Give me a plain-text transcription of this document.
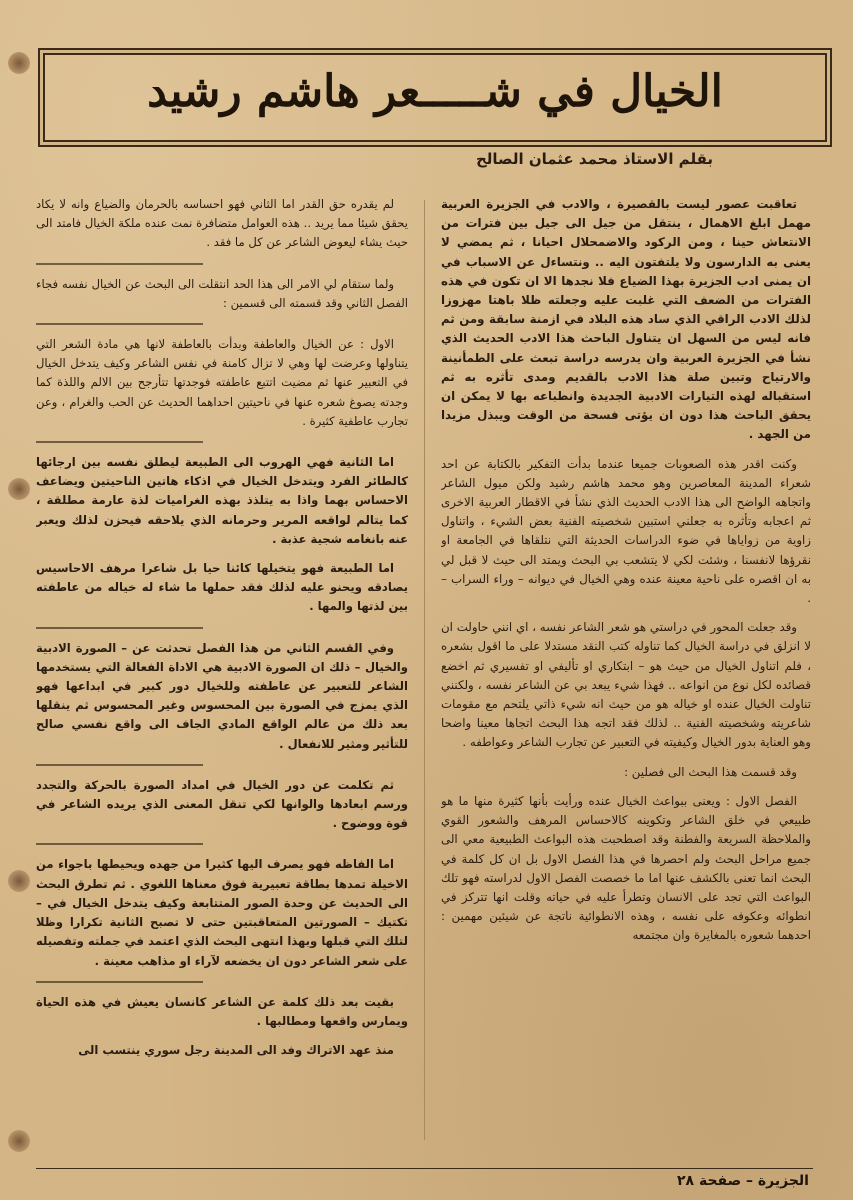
الخيال في شـــــعر هاشم رشيد
بقلم الاستاذ محمد عثمان الصالح

تعاقبت عصور ليست بالقصيرة ، والادب في الجزيرة العربية مهمل ابلغ الاهمال ، ينتقل من جيل الى جيل بين فترات من الانتعاش حينا ، ومن الركود والاضمحلال احيانا ، ثم يمضي لا يعنى به الدارسون ولا يلتفتون اليه .. ونتساءل عن الاسباب في ان يمنى ادب الجزيرة بهذا الضياع فلا نجدها الا ان تكون في هذه الفترات من الضعف التي غلبت عليه وجعلته ظلا باهتا مهزوزا لذلك الادب الراقي الذي ساد هذه البلاد في ازمنة سابقة ومن ثم فانه ليس من السهل ان يتناول الباحث هذا الادب الحديث الذي نشأ في الجزيرة العربية وان يدرسه دراسة تبعث على الطمأنينة والارتياح وتبين صلة هذا الادب بالقديم ومدى تأثره به ثم استقباله لهذه التيارات الادبية الجديدة وانطباعه بها لا يمكن ان يحقق الباحث هذا دون ان يؤتى فسحة من الوقت ويبذل مزيدا من الجهد .

وكنت اقدر هذه الصعوبات جميعا عندما بدأت التفكير بالكتابة عن احد شعراء المدينة المعاصرين وهو محمد هاشم رشيد ولكن ميول الشاعر واتجاهه الواضح الى هذا الادب الحديث الذي نشأ في الاقطار العربية الاخرى ثم اعجابه وتأثره به جعلني استبين شخصيته الفنية بعض الشيء ، واتناول زاوية من زواياها في ضوء الدراسات الحديثة التي نتلقاها في الجامعة او نقرؤها لانفسنا ، وشئت لكي لا يتشعب بي البحث ويمتد الى حيث لا قبل لي به ان اقصره على ناحية معينة عنده وهي الخيال في ديوانه – وراء السراب – .

وقد جعلت المحور في دراستي هو شعر الشاعر نفسه ، اي انني حاولت ان لا انزلق في دراسة الخيال كما تناوله كتب النقد مستدلا على ما اقول بشعره ، فلم اتناول الخيال من حيث هو – ابتكاري او تأليفي او تفسيري ثم اخضع قصائده لكل نوع من انواعه .. فهذا شيء يبعد بي عن الشاعر نفسه ، ولكنني تناولت الخيال عنده او خياله هو من حيث انه شيء ذاتي يلتحم مع مقومات شاعريته وشخصيته الفنية .. لذلك فقد اتجه هذا البحث اتجاها معينا واضحا وهو العناية بدور الخيال وكيفيته في التعبير عن تجارب الشاعر وعواطفه .

وقد قسمت هذا البحث الى فصلين :

الفصل الاول : ويعنى ببواعث الخيال عنده ورأيت بأنها كثيرة منها ما هو طبيعي في خلق الشاعر وتكوينه كالاحساس المرهف والشعور القوي والملاحظة السريعة والفطنة وقد اصطحبت هذه البواعث الطبيعية معي الى جميع مراحل البحث ولم احصرها في هذا الفصل الاول بل ان كل كلمة في البحث انما تعنى بالكشف عنها اما ما خصصت الفصل الاول لدراسته فهو تلك البواعث التي تجد على الانسان وتطرأ عليه في حياته وقلت انها تتركز في انطوائه وعكوفه على نفسه ، وهذه الانطوائية ناتجة عن شيئين مهمين : احدهما شعوره بالمغايرة وان مجتمعه

لم يقدره حق القدر اما الثاني فهو احساسه بالحرمان والضياع وانه لا يكاد يحقق شيئا مما يريد .. هذه العوامل متضافرة نمت عنده ملكة الخيال فامتد الى حيث يشاء ليعوض الشاعر عن كل ما فقد .

ولما ستقام لي الامر الى هذا الحد انتقلت الى البحث عن الخيال نفسه فجاء الفصل الثاني وقد قسمته الى قسمين :

الاول : عن الخيال والعاطفة وبدأت بالعاطفة لانها هي مادة الشعر التي يتناولها وعرضت لها وهي لا تزال كامنة في نفس الشاعر وكيف يتدخل الخيال في التعبير عنها ثم مضيت اتتبع عاطفته فوجدتها تتأرجح بين الالم واللذة كما وجدته يصوغ شعره عنها في ناحيتين احداهما الحديث عن الحب والغرام ، وعن تجارب عاطفية كثيرة .

اما الثانية فهي الهروب الى الطبيعة ليطلق نفسه بين ارجائها كالطائر الفرد ويتدخل الخيال في اذكاء هاتين الناحيتين ويضاعف الاحساس بهما واذا به يتلذذ بهذه الغراميات لذة عارمة مطلقة ، كما يتالم لواقعه المرير وحرمانه الذي يلاحقه فيحزن لذلك ويعبر عنه بانغامه شجية عذبة .

اما الطبيعة فهو يتخيلها كائنا حيا بل شاعرا مرهف الاحاسيس يصادقه ويحنو عليه لذلك فقد حملها ما شاء له خياله من عاطفته بين لذتها والمها .

وفي القسم الثاني من هذا الفصل تحدثت عن – الصورة الادبية والخيال – ذلك ان الصورة الادبية هي الاداة الفعالة التي يستخدمها الشاعر للتعبير عن عاطفته وللخيال دور كبير في ابداعها فهو الذي يمزج في الصورة بين المحسوس وغير المحسوس ثم ينقلها بعد ذلك من عالم الواقع المادي الجاف الى واقع نفسي صالح للتأثير ومثير للانفعال .

ثم تكلمت عن دور الخيال في امداد الصورة بالحركة والتجدد ورسم ابعادها والوانها لكي تنقل المعنى الذي يريده الشاعر في قوة ووضوح .

اما الفاظه فهو يصرف اليها كثيرا من جهده ويحيطها باجواء من الاخيلة تمدها بطاقة تعبيرية فوق معناها اللغوي . ثم تطرق البحث الى الحديث عن وحدة الصور المتتابعة وكيف يتدخل الخيال في – تكتيك – الصورتين المتعاقبتين حتى لا تصبح الثانية تكرارا وظلا لتلك التي قبلها وبهذا انتهى البحث الذي اعتمد في جملته وتفصيله على شعر الشاعر دون ان يخضعه لآراء او مذاهب معينة .

بقيت بعد ذلك كلمة عن الشاعر كانسان يعيش في هذه الحياة ويمارس واقعها ومطالبها .

منذ عهد الاتراك وفد الى المدينة رجل سوري ينتسب الى

الجزيرة – صفحة ٢٨
